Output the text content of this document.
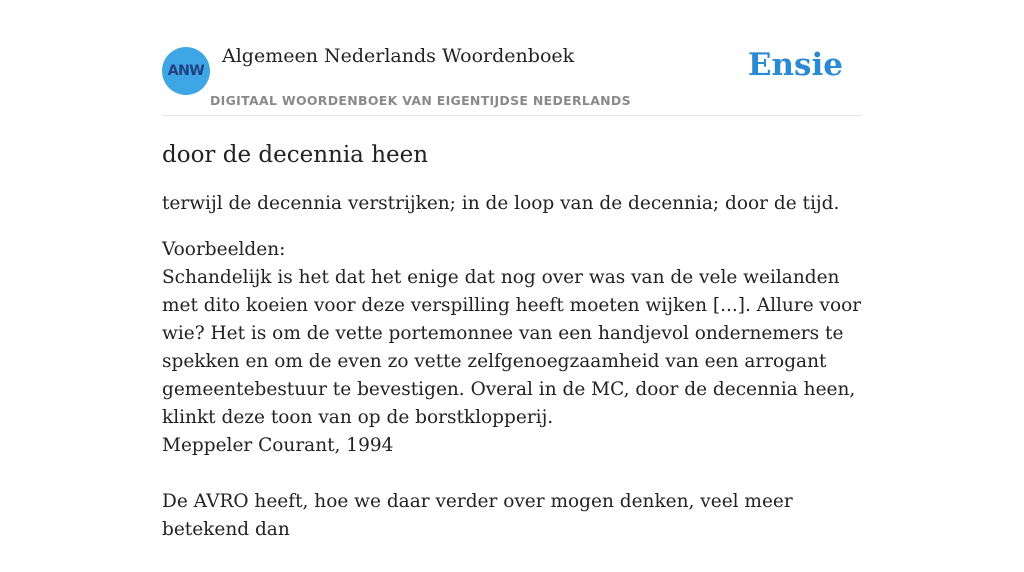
ANW
Algemeen Nederlands Woordenboek
DIGITAAL WOORDENBOEK VAN EIGENTIJDSE NEDERLANDS
Ensie
door de decennia heen

terwijl de decennia verstrijken; in de loop van de decennia; door de tijd.

Voorbeelden:

Schandelijk is het dat het enige dat nog over was van de vele weilanden met dito koeien voor deze verspilling heeft moeten wijken [...]. Allure voor wie? Het is om de vette portemonnee van een handjevol ondernemers te spekken en om de even zo vette zelfgenoegzaamheid van een arrogant gemeentebestuur te bevestigen. Overal in de MC, door de decennia heen, klinkt deze toon van op de borstklopperij.

Meppeler Courant, 1994

De AVRO heeft, hoe we daar verder over mogen denken, veel meer betekend dan
